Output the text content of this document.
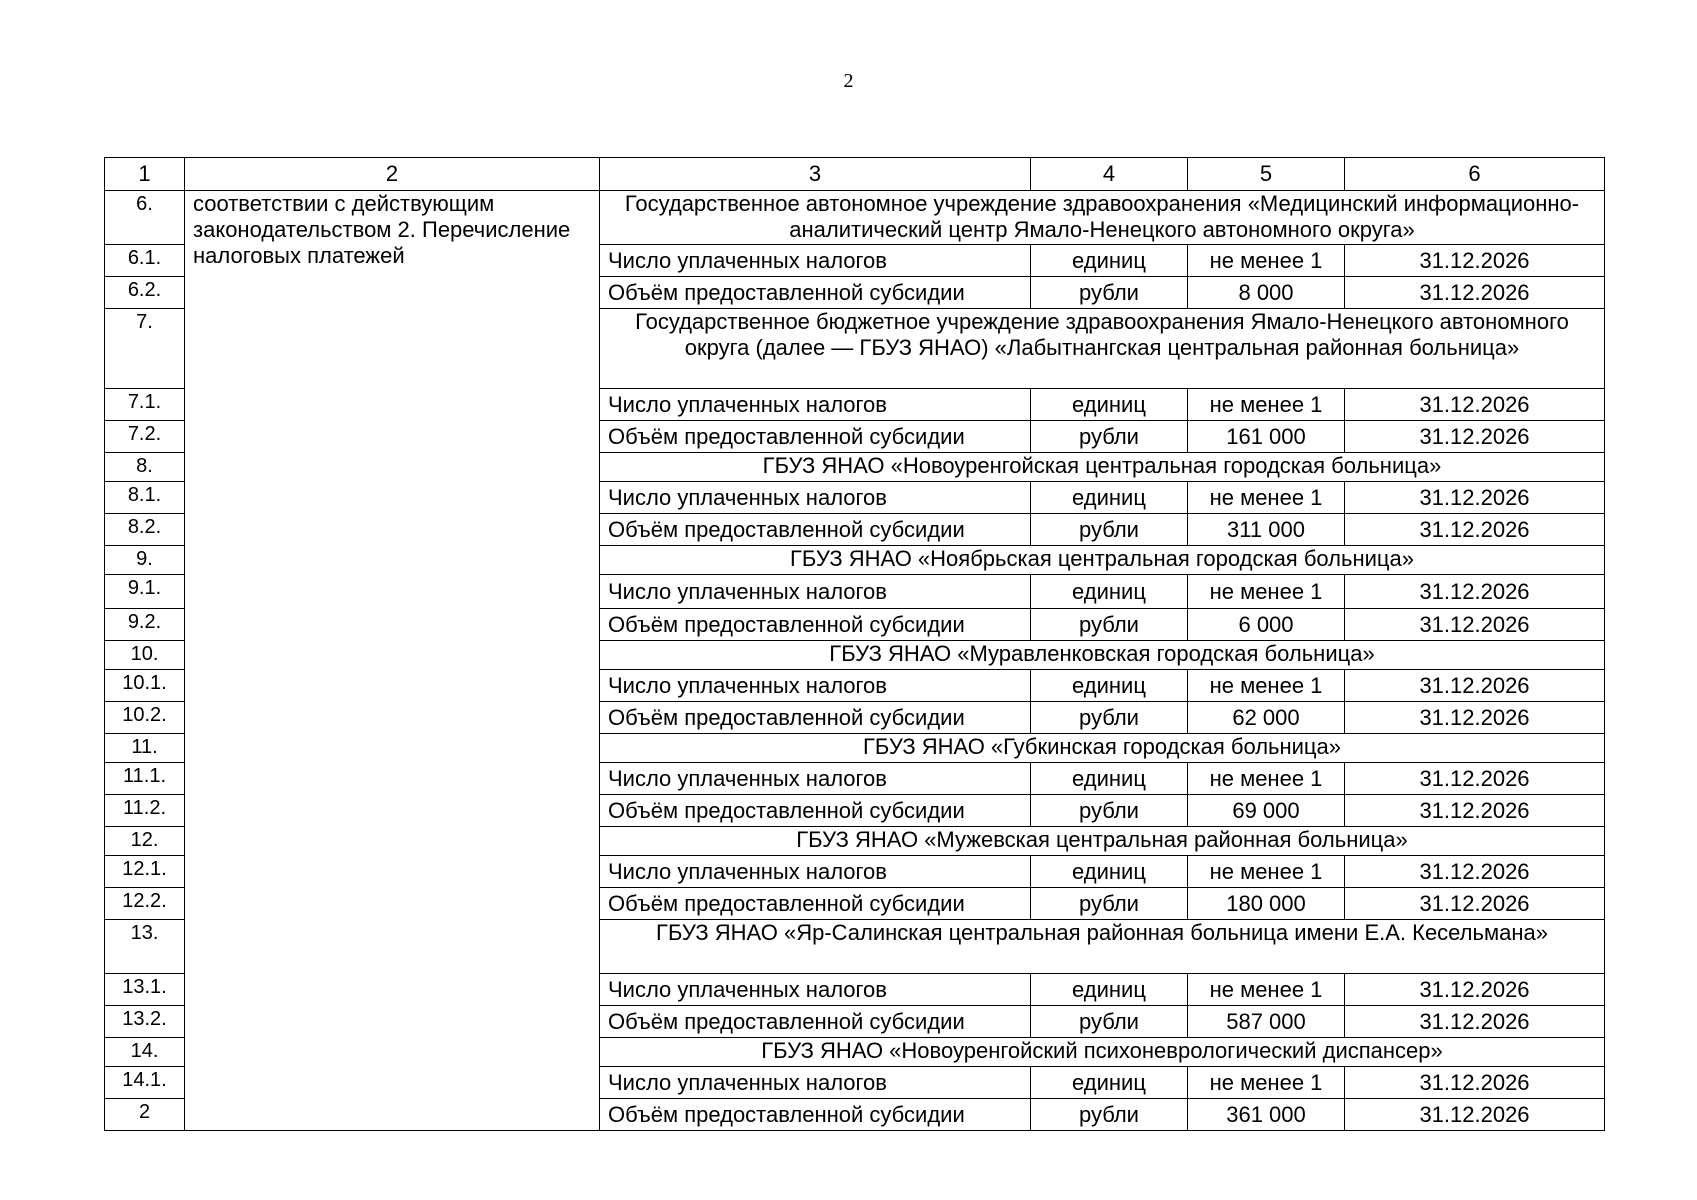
2
1	2	3	4	5	6
6.	соответствии с действующим законодательством 2. Перечисление налоговых платежей	Государственное автономное учреждение здравоохранения «Медицинский информационно-аналитический центр Ямало-Ненецкого автономного округа»			
6.1.		Число уплаченных налогов	единиц	не менее 1	31.12.2026
6.2.		Объём предоставленной субсидии	рубли	8 000	31.12.2026
7.		Государственное бюджетное учреждение здравоохранения Ямало-Ненецкого автономного округа (далее — ГБУЗ ЯНАО) «Лабытнангская центральная районная больница»			
7.1.		Число уплаченных налогов	единиц	не менее 1	31.12.2026
7.2.		Объём предоставленной субсидии	рубли	161 000	31.12.2026
8.		ГБУЗ ЯНАО «Новоуренгойская центральная городская больница»			
8.1.		Число уплаченных налогов	единиц	не менее 1	31.12.2026
8.2.		Объём предоставленной субсидии	рубли	311 000	31.12.2026
9.		ГБУЗ ЯНАО «Ноябрьская центральная городская больница»			
9.1.		Число уплаченных налогов	единиц	не менее 1	31.12.2026
9.2.		Объём предоставленной субсидии	рубли	6 000	31.12.2026
10.		ГБУЗ ЯНАО «Муравленковская городская больница»			
10.1.		Число уплаченных налогов	единиц	не менее 1	31.12.2026
10.2.		Объём предоставленной субсидии	рубли	62 000	31.12.2026
11.		ГБУЗ ЯНАО «Губкинская городская больница»			
11.1.		Число уплаченных налогов	единиц	не менее 1	31.12.2026
11.2.		Объём предоставленной субсидии	рубли	69 000	31.12.2026
12.		ГБУЗ ЯНАО «Мужевская центральная районная больница»			
12.1.		Число уплаченных налогов	единиц	не менее 1	31.12.2026
12.2.		Объём предоставленной субсидии	рубли	180 000	31.12.2026
13.		ГБУЗ ЯНАО «Яр-Салинская центральная районная больница имени Е.А. Кесельмана»			
13.1.		Число уплаченных налогов	единиц	не менее 1	31.12.2026
13.2.		Объём предоставленной субсидии	рубли	587 000	31.12.2026
14.		ГБУЗ ЯНАО «Новоуренгойский психоневрологический диспансер»			
14.1.		Число уплаченных налогов	единиц	не менее 1	31.12.2026
2		Объём предоставленной субсидии	рубли	361 000	31.12.2026
